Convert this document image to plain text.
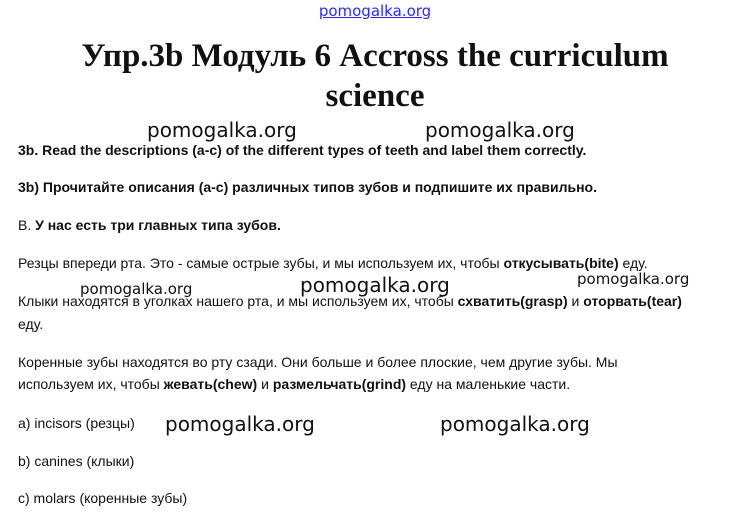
pomogalka.org
Упр.3b Модуль 6 Accross the curriculum
science
pomogalka.org	pomogalka.org
pomogalka.org
pomogalka.org
pomogalka.org
pomogalka.org	pomogalka.org
3b. Read the descriptions (a-c) of the different types of teeth and label them correctly.
3b) Прочитайте описания (a-c) различных типов зубов и подпишите их правильно.
В. У нас есть три главных типа зубов.
Резцы впереди рта. Это - самые острые зубы, и мы используем их, чтобы откусывать(bite) еду.
Клыки находятся в уголках нашего рта, и мы используем их, чтобы схватить(grasp) и оторвать(tear)
еду.
Коренные зубы находятся во рту сзади. Они больше и более плоские, чем другие зубы. Мы
используем их, чтобы жевать(chew) и размельчать(grind) еду на маленькие части.
a) incisors (резцы)
b) canines (клыки)
c) molars (коренные зубы)
